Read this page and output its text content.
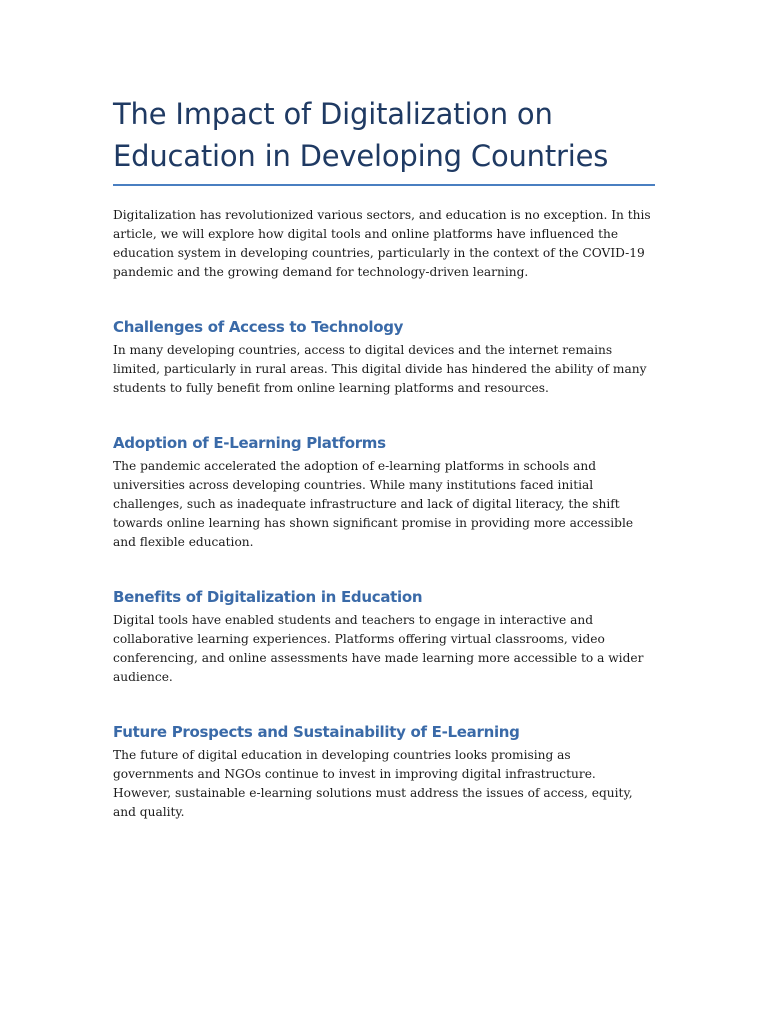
The Impact of Digitalization on Education in Developing Countries

Digitalization has revolutionized various sectors, and education is no exception. In this article, we will explore how digital tools and online platforms have influenced the education system in developing countries, particularly in the context of the COVID-19 pandemic and the growing demand for technology-driven learning.

Challenges of Access to Technology

In many developing countries, access to digital devices and the internet remains limited, particularly in rural areas. This digital divide has hindered the ability of many students to fully benefit from online learning platforms and resources.

Adoption of E-Learning Platforms

The pandemic accelerated the adoption of e-learning platforms in schools and universities across developing countries. While many institutions faced initial challenges, such as inadequate infrastructure and lack of digital literacy, the shift towards online learning has shown significant promise in providing more accessible and flexible education.

Benefits of Digitalization in Education

Digital tools have enabled students and teachers to engage in interactive and collaborative learning experiences. Platforms offering virtual classrooms, video conferencing, and online assessments have made learning more accessible to a wider audience.

Future Prospects and Sustainability of E-Learning

The future of digital education in developing countries looks promising as governments and NGOs continue to invest in improving digital infrastructure. However, sustainable e-learning solutions must address the issues of access, equity, and quality.
